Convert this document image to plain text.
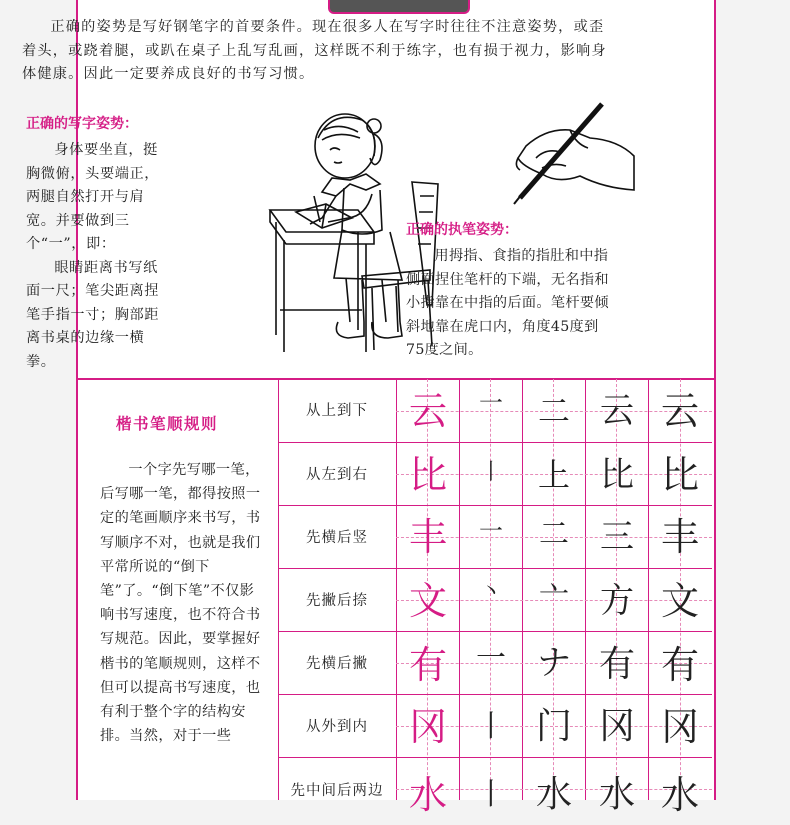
正确的姿势是写好钢笔字的首要条件。现在很多人在写字时往往不注意姿势，或歪着头，或跷着腿，或趴在桌子上乱写乱画，这样既不利于练字，也有损于视力，影响身体健康。因此一定要养成良好的书写习惯。
正确的写字姿势：
身体要坐直，挺胸微俯，头要端正，两腿自然打开与肩宽。并要做到三个“一”，即：
眼睛距离书写纸面一尺；笔尖距离捏笔手指一寸；胸部距离书桌的边缘一横拳。
正确的执笔姿势：
用拇指、食指的指肚和中指侧面捏住笔杆的下端，无名指和小指靠在中指的后面。笔杆要倾斜地靠在虎口内，角度45度到75度之间。
楷书笔顺规则
一个字先写哪一笔，后写哪一笔，都得按照一定的笔画顺序来书写，书写顺序不对，也就是我们平常所说的“倒下笔”了。“倒下笔”不仅影响书写速度，也不符合书写规范。因此，要掌握好楷书的笔顺规则，这样不但可以提高书写速度，也有利于整个字的结构安排。当然，对于一些
从上到下	云	一	二 云 云
从左到右	比	丨	上 比 比
先横后竖	丰	一	二 三 丰
先撇后捺	文	丶	亠 方 文
先横后撇	有 一 ナ 有 有
从外到内	冈 丨 门 冈 冈
先中间后两边 水 丨 水 水 水
